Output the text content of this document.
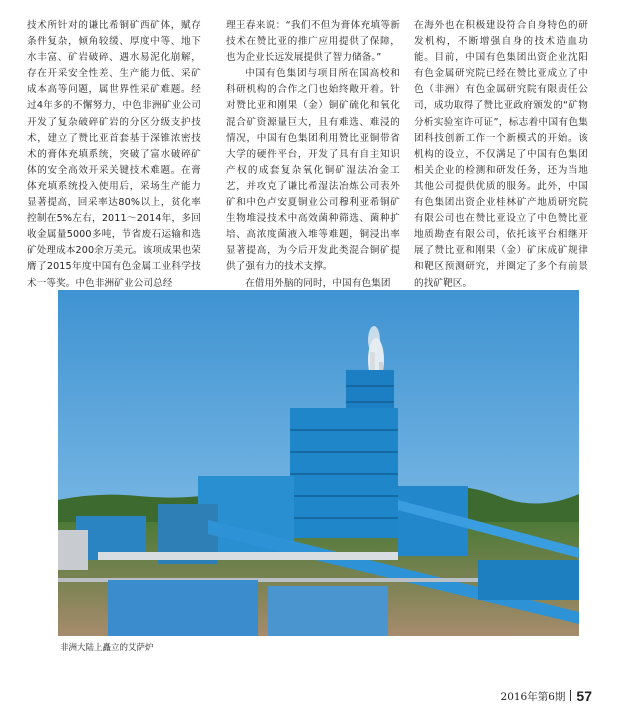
技术所针对的谦比希铜矿西矿体，赋存条件复杂，倾角较缓、厚度中等、地下水丰富、矿岩破碎、遇水易泥化崩解，存在开采安全性差、生产能力低、采矿成本高等问题，属世界性采矿难题。经过4年多的不懈努力，中色非洲矿业公司开发了复杂破碎矿岩的分区分级支护技术，建立了赞比亚首套基于深锥浓密技术的膏体充填系统，突破了富水破碎矿体的安全高效开采关键技术难题。在膏体充填系统投入使用后，采场生产能力显著提高，回采率达80%以上，贫化率控制在5%左右，2011～2014年，多回收金属量5000多吨，节省废石运输和选矿处理成本200余万美元。该项成果也荣膺了2015年度中国有色金属工业科学技术一等奖。中色非洲矿业公司总经

理王春来说：“我们不但为膏体充填等新技术在赞比亚的推广应用提供了保障，也为企业长远发展提供了智力储备。”

中国有色集团与项目所在国高校和科研机构的合作之门也始终敞开着。针对赞比亚和刚果（金）铜矿硫化和氧化混合矿资源量巨大，且有难选、难浸的情况，中国有色集团利用赞比亚铜带省大学的硬件平台，开发了具有自主知识产权的成套复杂氧化铜矿湿法冶金工艺，并攻克了谦比希湿法冶炼公司表外矿和中色卢安夏铜业公司穆利亚希铜矿生物堆浸技术中高效菌种筛选、菌种扩培、高浓度菌液入堆等难题，铜浸出率显著提高，为今后开发此类混合铜矿提供了强有力的技术支撑。

在借用外脑的同时，中国有色集团

在海外也在积极建设符合自身特色的研发机构，不断增强自身的技术造血功能。目前，中国有色集团出资企业沈阳有色金属研究院已经在赞比亚成立了中色（非洲）有色金属研究院有限责任公司，成功取得了赞比亚政府颁发的“矿物分析实验室许可证”，标志着中国有色集团科技创新工作一个新模式的开始。该机构的设立，不仅满足了中国有色集团相关企业的检测和研发任务，还为当地其他公司提供优质的服务。此外，中国有色集团出资企业桂林矿产地质研究院有限公司也在赞比亚设立了中色赞比亚地质勘查有限公司，依托该平台相继开展了赞比亚和刚果（金）矿床成矿规律和靶区预测研究，并圈定了多个有前景的找矿靶区。

非洲大陆上矗立的艾萨炉
2016年第6期 57
